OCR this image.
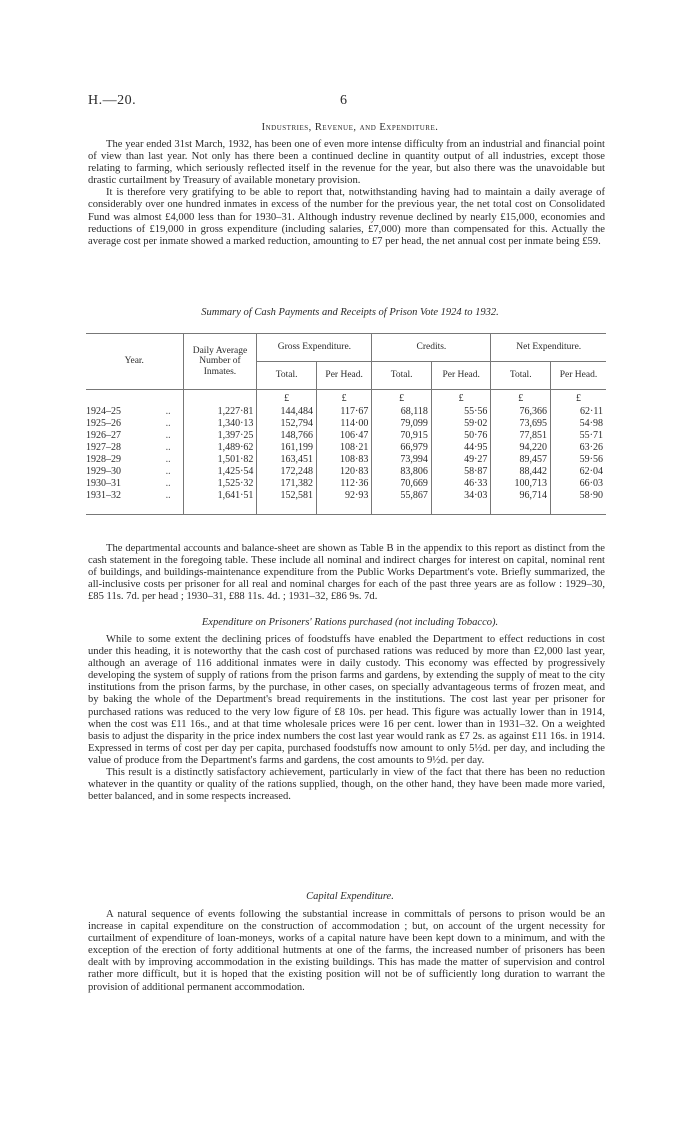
H.—20.	6
Industries, Revenue, and Expenditure.

The year ended 31st March, 1932, has been one of even more intense difficulty from an industrial and financial point of view than last year. Not only has there been a continued decline in quantity output of all industries, except those relating to farming, which seriously reflected itself in the revenue for the year, but also there was the unavoidable but drastic curtailment by Treasury of available monetary provision.

It is therefore very gratifying to be able to report that, notwithstanding having had to maintain a daily average of considerably over one hundred inmates in excess of the number for the previous year, the net total cost on Consolidated Fund was almost £4,000 less than for 1930–31. Although industry revenue declined by nearly £15,000, economies and reductions of £19,000 in gross expenditure (including salaries, £7,000) more than compensated for this. Actually the average cost per inmate showed a marked reduction, amounting to £7 per head, the net annual cost per inmate being £59.

Summary of Cash Payments and Receipts of Prison Vote 1924 to 1932.
Year.		Daily Average Number of Inmates.	Gross Expenditure.		Credits.		Net Expenditure.	
			Total.	Per Head.	Total.	Per Head.	Total.	Per Head.
			£	£	£	£	£	£
1924–25	..	1,227·81	144,484	117·67	68,118	55·56	76,366	62·11
1925–26	..	1,340·13	152,794	114·00	79,099	59·02	73,695	54·98
1926–27	..	1,397·25	148,766	106·47	70,915	50·76	77,851	55·71
1927–28	..	1,489·62	161,199	108·21	66,979	44·95	94,220	63·26
1928–29	..	1,501·82	163,451	108·83	73,994	49·27	89,457	59·56
1929–30	..	1,425·54	172,248	120·83	83,806	58·87	88,442	62·04
1930–31	..	1,525·32	171,382	112·36	70,669	46·33	100,713	66·03
1931–32	..	1,641·51	152,581	92·93	55,867	34·03	96,714	58·90

The departmental accounts and balance-sheet are shown as Table B in the appendix to this report as distinct from the cash statement in the foregoing table. These include all nominal and indirect charges for interest on capital, nominal rent of buildings, and buildings-maintenance expenditure from the Public Works Department's vote. Briefly summarized, the all-inclusive costs per prisoner for all real and nominal charges for each of the past three years are as follow : 1929–30, £85 11s. 7d. per head ; 1930–31, £88 11s. 4d. ; 1931–32, £86 9s. 7d.

Expenditure on Prisoners' Rations purchased (not including Tobacco).

While to some extent the declining prices of foodstuffs have enabled the Department to effect reductions in cost under this heading, it is noteworthy that the cash cost of purchased rations was reduced by more than £2,000 last year, although an average of 116 additional inmates were in daily custody. This economy was effected by progressively developing the system of supply of rations from the prison farms and gardens, by extending the supply of meat to the city institutions from the prison farms, by the purchase, in other cases, on specially advantageous terms of frozen meat, and by baking the whole of the Department's bread requirements in the institutions. The cost last year per prisoner for purchased rations was reduced to the very low figure of £8 10s. per head. This figure was actually lower than in 1914, when the cost was £11 16s., and at that time wholesale prices were 16 per cent. lower than in 1931–32. On a weighted basis to adjust the disparity in the price index numbers the cost last year would rank as £7 2s. as against £11 16s. in 1914. Expressed in terms of cost per day per capita, purchased foodstuffs now amount to only 5½d. per day, and including the value of produce from the Department's farms and gardens, the cost amounts to 9½d. per day.

This result is a distinctly satisfactory achievement, particularly in view of the fact that there has been no reduction whatever in the quantity or quality of the rations supplied, though, on the other hand, they have been made more varied, better balanced, and in some respects increased.

Capital Expenditure.

A natural sequence of events following the substantial increase in committals of persons to prison would be an increase in capital expenditure on the construction of accommodation ; but, on account of the urgent necessity for curtailment of expenditure of loan-moneys, works of a capital nature have been kept down to a minimum, and with the exception of the erection of forty additional hutments at one of the farms, the increased number of prisoners has been dealt with by improving accommodation in the existing buildings. This has made the matter of supervision and control rather more difficult, but it is hoped that the existing position will not be of sufficiently long duration to warrant the provision of additional permanent accommodation.
